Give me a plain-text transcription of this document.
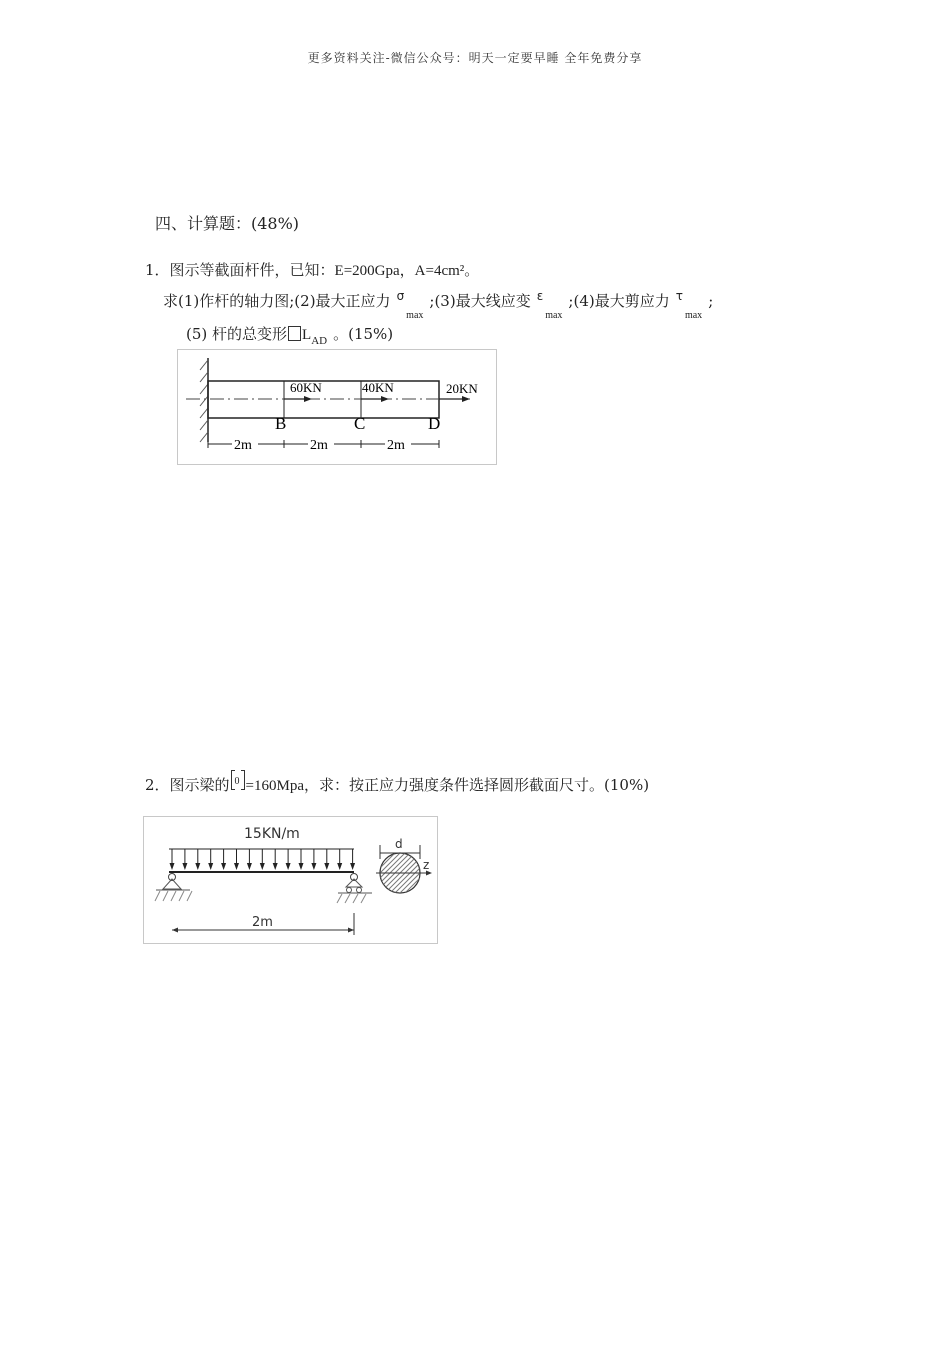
更多资料关注-微信公众号：明天一定要早睡 全年免费分享
四、计算题：(48%)
1．图示等截面杆件，已知：E=200Gpa，A=4cm²。
求(1)作杆的轴力图;(2)最大正应力 $^\sigma_{max}$;(3)最大线应变 $^\varepsilon_{max}$;(4)最大剪应力 $^\tau_{max}$;
(5) 杆的总变形 $L_{AD}$ 。(15%)
60KN	40KN	20KN
B	C	D
2m	2m	2m
2．图示梁的 0 =160Mpa，求：按正应力强度条件选择圆形截面尺寸。(10%)
15KN/m
2m
d
z
